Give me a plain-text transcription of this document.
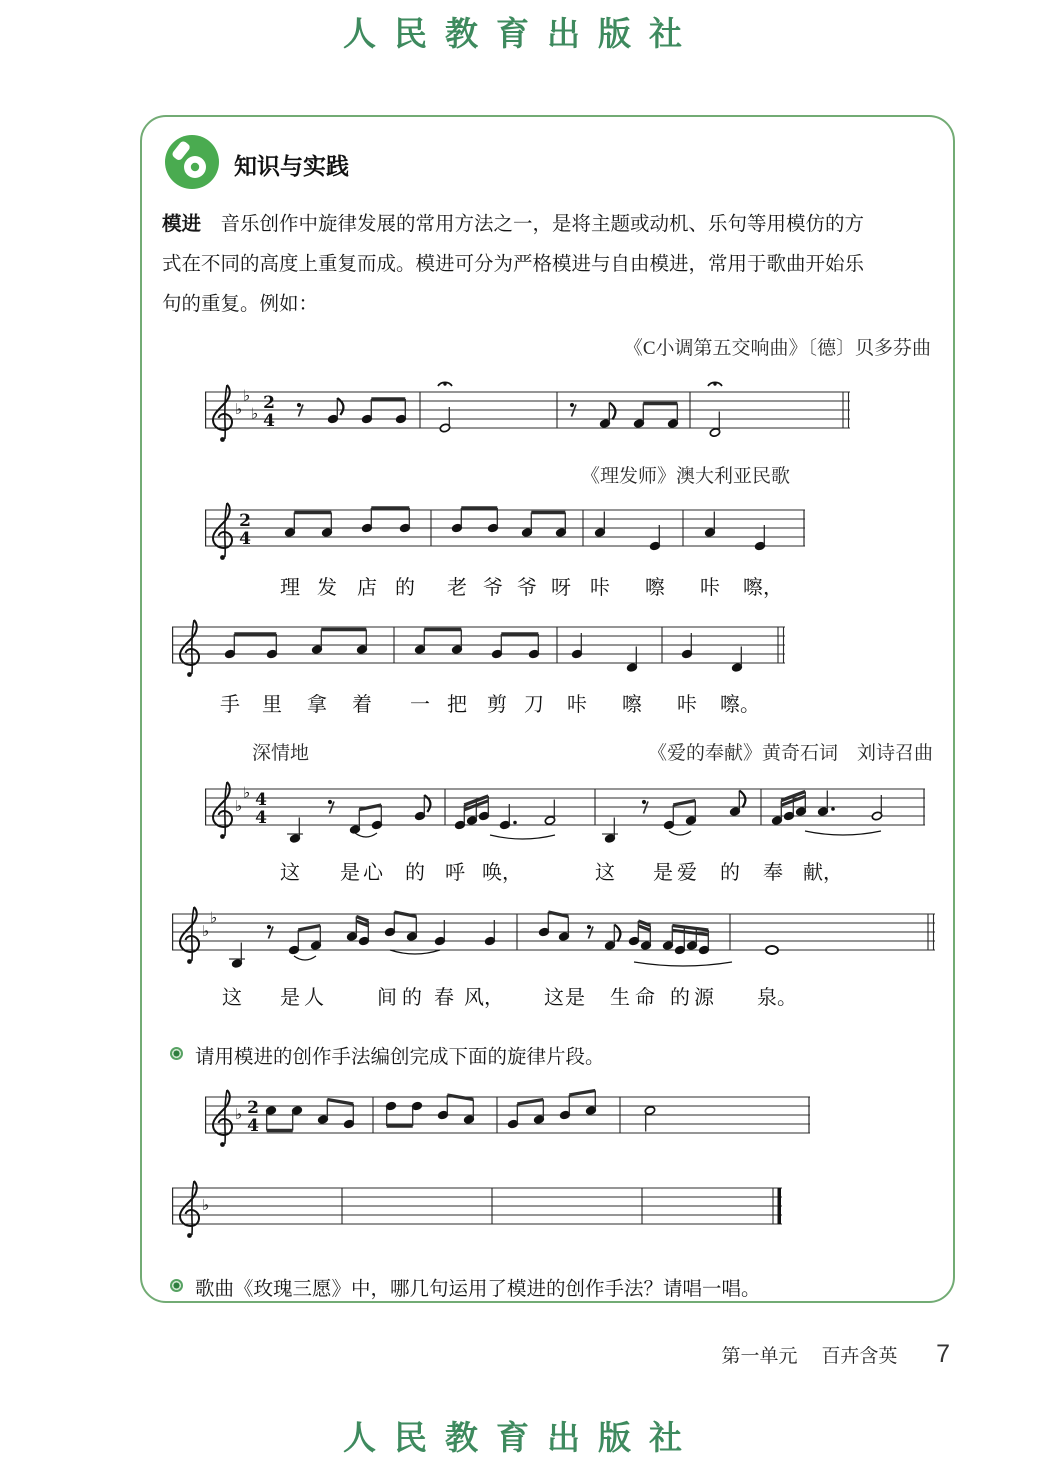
人民教育出版社
知识与实践
模进　音乐创作中旋律发展的常用方法之一，是将主题或动机、乐句等用模仿的方
式在不同的高度上重复而成。模进可分为严格模进与自由模进，常用于歌曲开始乐
句的重复。例如：
《C小调第五交响曲》〔德〕贝多芬曲
♭
♭
♭
2
4
《理发师》澳大利亚民歌
2
4
理 发 店 的 老 爷 爷 呀 咔 嚓 咔 嚓，
手 里 拿 着 一 把 剪 刀 咔 嚓 咔 嚓。
深情地	《爱的奉献》黄奇石词　刘诗召曲
♭
♭ 4
4
这 是 心 的 呼 唤，	这 是 爱 的 奉 献，
♭
♭
这 是 人	间 的 春 风， 这 是 生 命 的 源 泉。
请用模进的创作手法编创完成下面的旋律片段。
♭ 2
4
♭
歌曲《玫瑰三愿》中，哪几句运用了模进的创作手法？请唱一唱。
第一单元　 百卉含英 7
人民教育出版社
